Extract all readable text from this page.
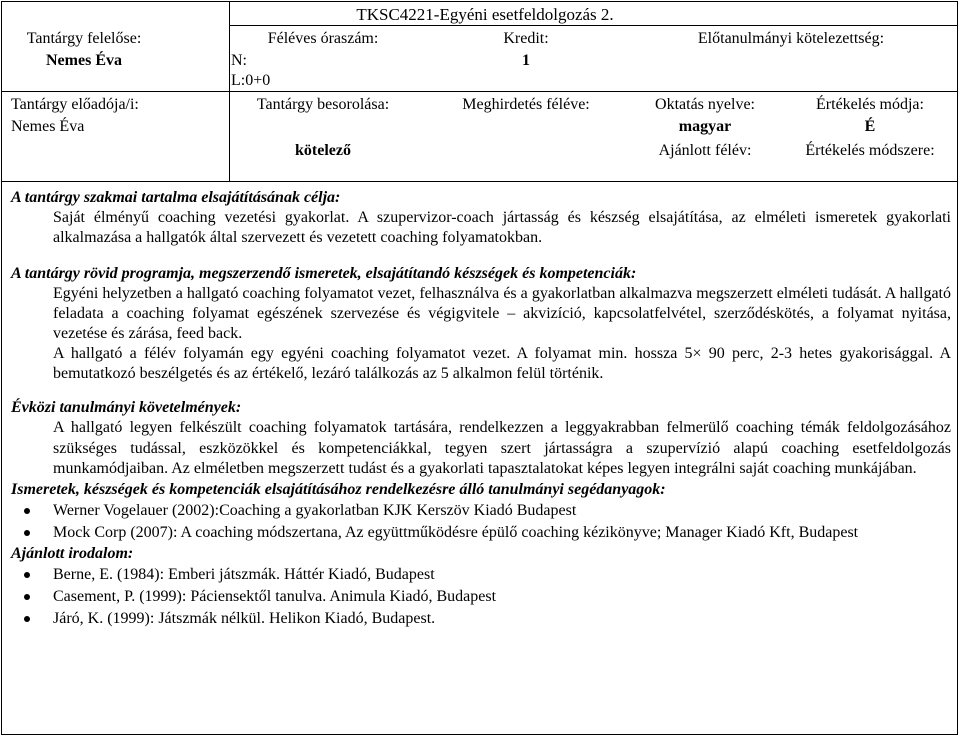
TKSC4221-Egyéni esetfeldolgozás 2.
Tantárgy felelőse:
Nemes Éva
Féléves óraszám:
N:
L:0+0
Kredit:
1
Előtanulmányi kötelezettség:
Tantárgy előadója/i:
Nemes Éva
Tantárgy besorolása:
kötelező
Meghirdetés féléve:	Oktatás nyelve:
magyar
Ajánlott félév:
Értékelés módja:
É
Értékelés módszere:

A tantárgy szakmai tartalma elsajátításának célja:

Saját élményű coaching vezetési gyakorlat. A szupervizor-coach jártasság és készség elsajátítása, az elméleti ismeretek gyakorlati alkalmazása a hallgatók által szervezett és vezetett coaching folyamatokban.

A tantárgy rövid programja, megszerzendő ismeretek, elsajátítandó készségek és kompetenciák:

Egyéni helyzetben a hallgató coaching folyamatot vezet, felhasználva és a gyakorlatban alkalmazva megszerzett elméleti tudását. A hallgató feladata a coaching folyamat egészének szervezése és végigvitele – akvizíció, kapcsolatfelvétel, szerződéskötés, a folyamat nyitása, vezetése és zárása, feed back.

A hallgató a félév folyamán egy egyéni coaching folyamatot vezet. A folyamat min. hossza 5× 90 perc, 2-3 hetes gyakorisággal. A bemutatkozó beszélgetés és az értékelő, lezáró találkozás az 5 alkalmon felül történik.

Évközi tanulmányi követelmények:

A hallgató legyen felkészült coaching folyamatok tartására, rendelkezzen a leggyakrabban felmerülő coaching témák feldolgozásához szükséges tudással, eszközökkel és kompetenciákkal, tegyen szert jártasságra a szupervízió alapú coaching esetfeldolgozás munkamódjaiban. Az elméletben megszerzett tudást és a gyakorlati tapasztalatokat képes legyen integrálni saját coaching munkájában.

Ismeretek, készségek és kompetenciák elsajátításához rendelkezésre álló tanulmányi segédanyagok:

Werner Vogelauer (2002):Coaching a gyakorlatban KJK Kerszöv Kiadó Budapest
Mock Corp (2007): A coaching módszertana, Az együttműködésre épülő coaching kézikönyve; Manager Kiadó Kft, Budapest

Ajánlott irodalom:

Berne, E. (1984): Emberi játszmák. Háttér Kiadó, Budapest
Casement, P. (1999): Páciensektől tanulva. Animula Kiadó, Budapest
Járó, K. (1999): Játszmák nélkül. Helikon Kiadó, Budapest.
